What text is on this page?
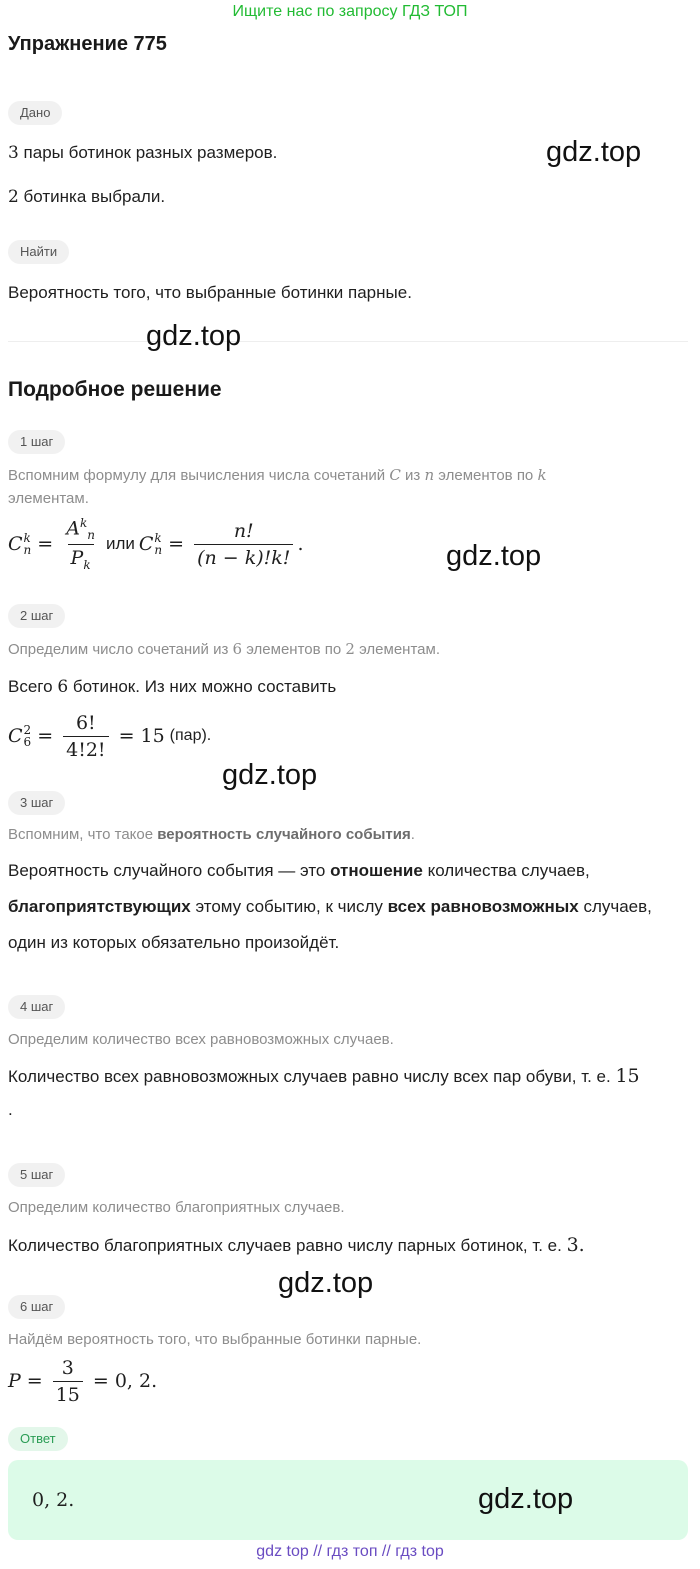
Ищите нас по запросу ГДЗ ТОП
Упражнение 775
Дано
3 пары ботинок разных размеров.
2 ботинка выбрали.
Найти
Вероятность того, что выбранные ботинки парные.
Подробное решение
1 шаг
Вспомним формулу для вычисления числа сочетаний C из n элементов по k
элементам.
C k
$n = \frac{A^k_n}{P_k}$ или C k
$n = \frac{n!}{(n - k)!k!}$ .
2 шаг
Определим число сочетаний из 6 элементов по 2 элементам.
Всего 6 ботинок. Из них можно составить
C 2
$6 = \frac{6!}{4!2!} = 15$ (пар).
3 шаг
Вспомним, что такое вероятность случайного события.
Вероятность случайного события — это отношение количества случаев,
благоприятствующих этому событию, к числу всех равновозможных случаев,
один из которых обязательно произойдёт.
4 шаг
Определим количество всех равновозможных случаев.
Количество всех равновозможных случаев равно числу всех пар обуви, т. е. 15
.
5 шаг
Определим количество благоприятных случаев.
Количество благоприятных случаев равно числу парных ботинок, т. е. 3.
6 шаг
Найдём вероятность того, что выбранные ботинки парные.
$P = \frac{3}{15} = 0$, 2.
Ответ
0, 2.
gdz.top
gdz.top
gdz.top
gdz.top
gdz.top
gdz.top
gdz top // гдз топ // гдз top
